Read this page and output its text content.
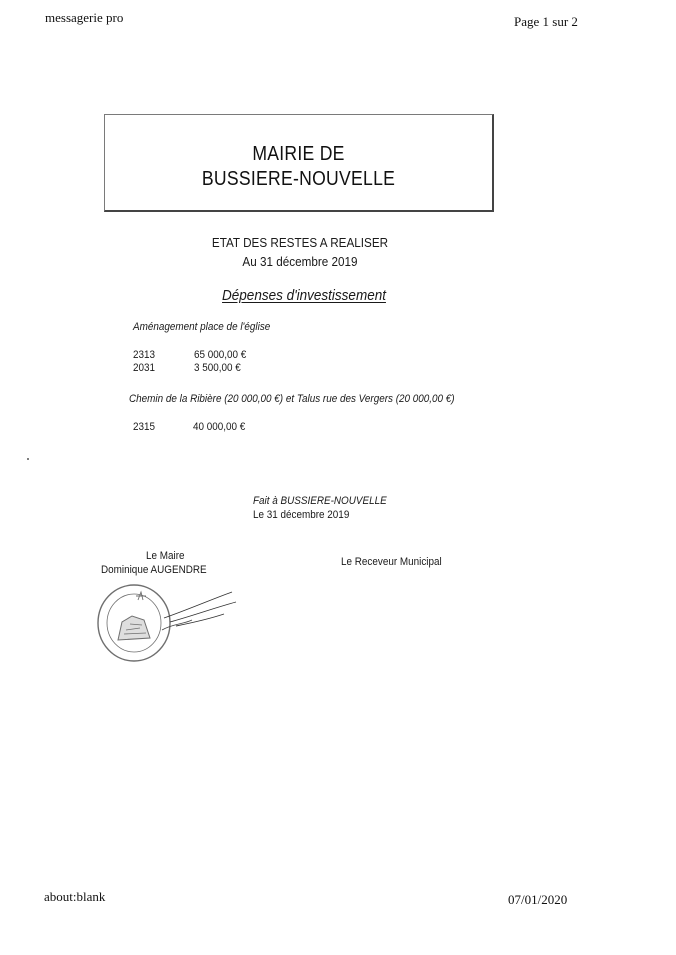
messagerie pro	Page 1 sur 2
MAIRIE DE
BUSSIERE-NOUVELLE
ETAT DES RESTES A REALISER
Au 31 décembre 2019
Dépenses d'investissement
Aménagement place de l'église
2313	65 000,00 €
2031	3 500,00 €
Chemin de la Ribière (20 000,00 €) et Talus rue des Vergers (20 000,00 €)
2315	40 000,00 €
Fait à BUSSIERE-NOUVELLE
Le 31 décembre 2019
Le Maire
Dominique AUGENDRE
Le Receveur Municipal
about:blank	07/01/2020
